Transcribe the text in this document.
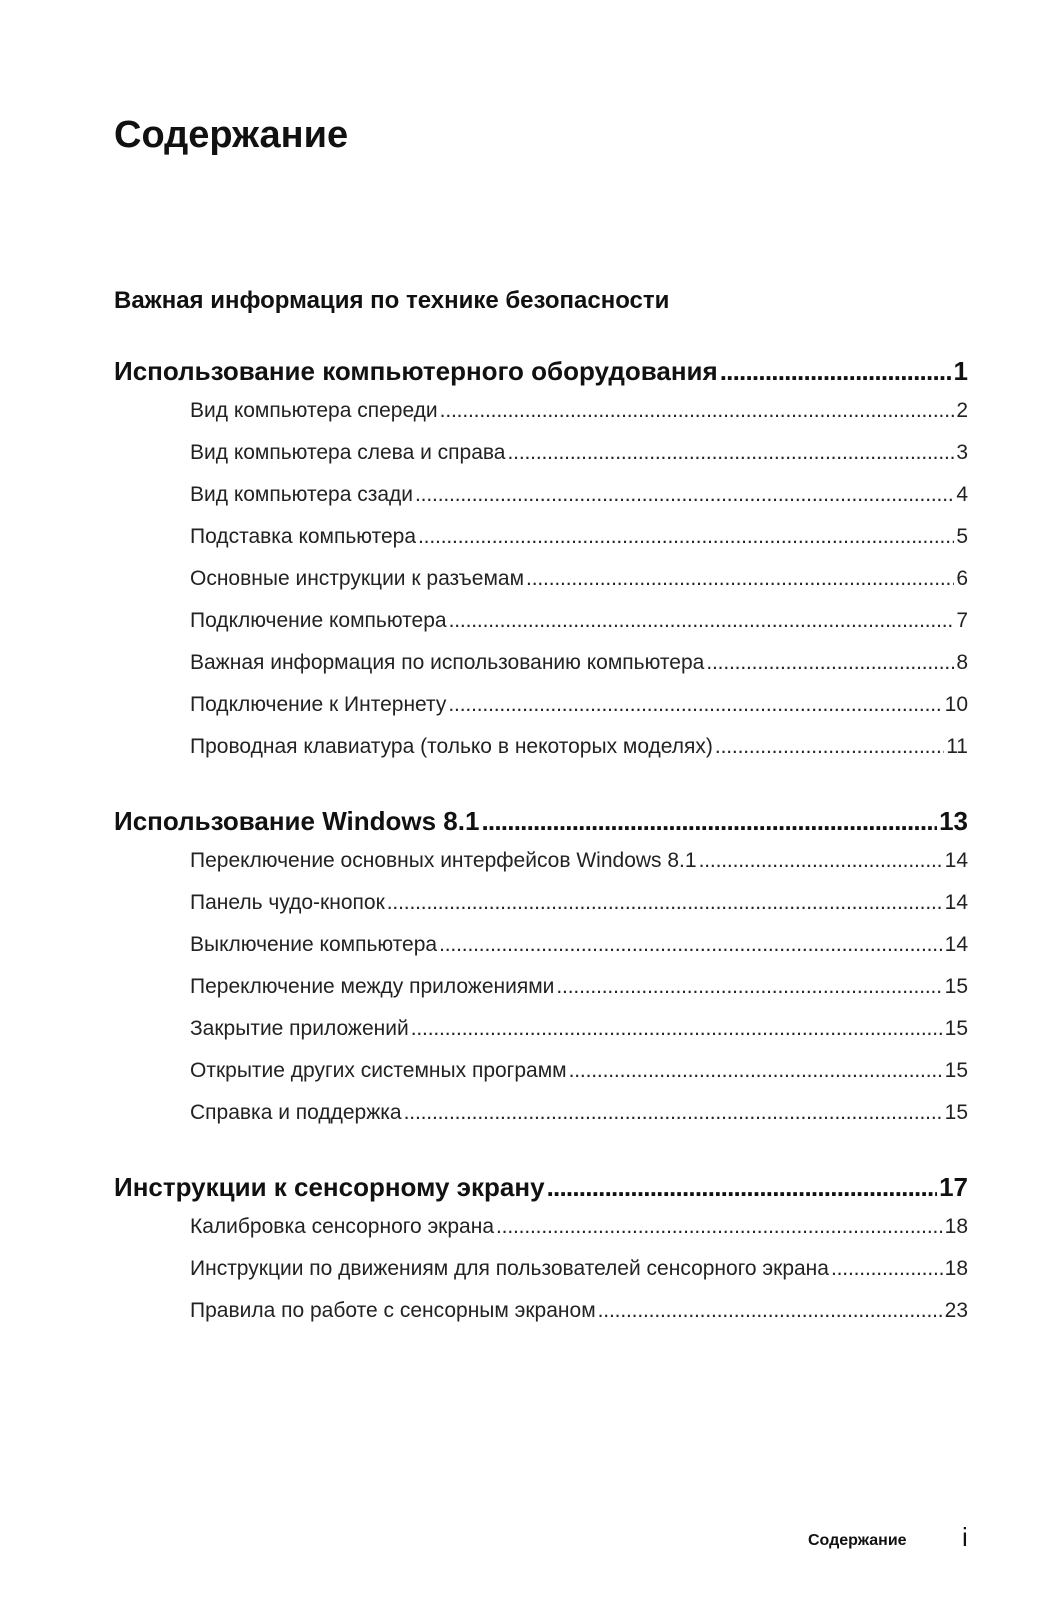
Содержание
Важная информация по технике безопасности
Использование компьютерного оборудования . . .	1
Вид компьютера спереди . . .	2
Вид компьютера слева и справа . . .	3
Вид компьютера сзади . . .	4
Подставка компьютера . . .	5
Основные инструкции к разъемам . . .	6
Подключение компьютера . . .	7
Важная информация по использованию компьютера . . .	8
Подключение к Интернету . . .	10
Проводная клавиатура (только в некоторых моделях) . . .	11
Использование Windows 8.1 . . .	13
Переключение основных интерфейсов Windows 8.1 . . .	14
Панель чудо-кнопок . . .	14
Выключение компьютера . . .	14
Переключение между приложениями . . .	15
Закрытие приложений . . .	15
Открытие других системных программ . . .	15
Справка и поддержка . . .	15
Инструкции к сенсорному экрану . . .	17
Калибровка сенсорного экрана . . .	18
Инструкции по движениям для пользователей сенсорного экрана . . .	18
Правила по работе с сенсорным экраном . . .	23
Содержание i
